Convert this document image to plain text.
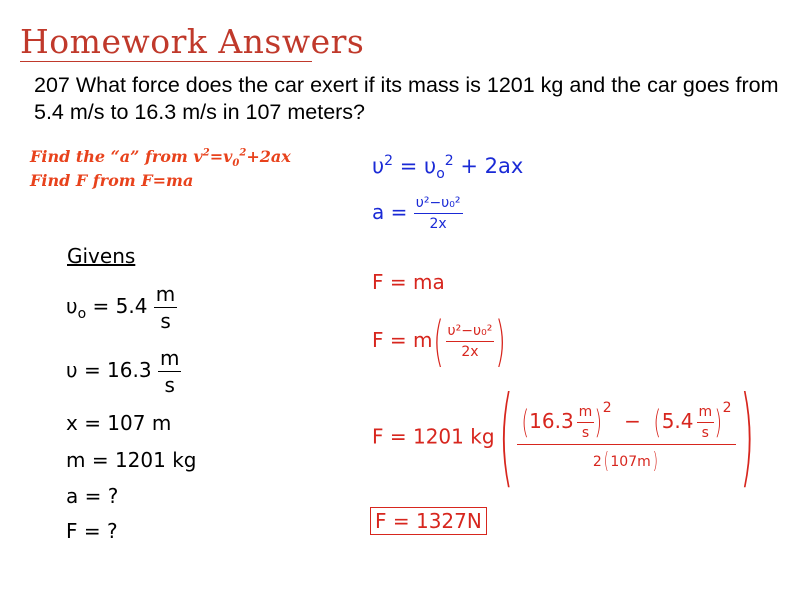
Homework Answers
207 What force does the car exert if its mass is 1201 kg and the car goes from 5.4 m/s to 16.3 m/s in 107 meters?
Find the “a” from $v^2=v_0^2+2ax$
Find F from F=ma
Givens
$\upsilon_o = 5.4 \frac{m}{s}$
$\upsilon = 16.3 \frac{m}{s}$
x = 107 m
m = 1201 kg
a = ?
F = ?
$\upsilon^2 = \upsilon_o^2 + 2ax$
$a = \frac{\text{υ²−υ₀²}}{2x}$
F = ma
$F = m( \frac{\text{υ²−υ₀²}}{2x}$ )
F = 1201 $kg( \frac{(16.3 \frac{m}{s} )^2 - (5.4 \frac{m}{s} )^2}{2( 107m)}$ )
F = 1327N
